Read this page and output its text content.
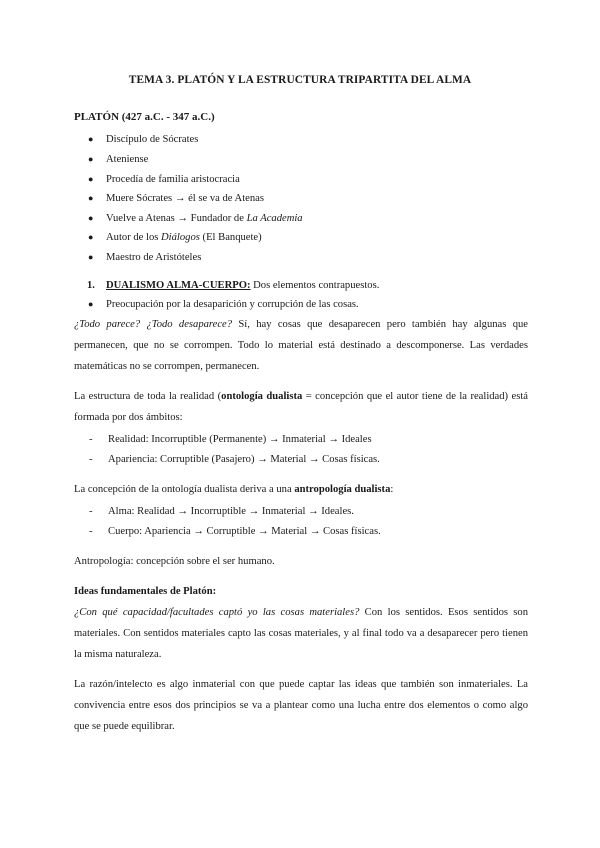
TEMA 3. PLATÓN Y LA ESTRUCTURA TRIPARTITA DEL ALMA
PLATÓN (427 a.C. - 347 a.C.)
● Discípulo de Sócrates
● Ateniense
● Procedía de familia aristocracia
● Muere Sócrates → él se va de Atenas
● Vuelve a Atenas → Fundador de La Academia
● Autor de los Diálogos (El Banquete)
● Maestro de Aristóteles
1. DUALISMO ALMA-CUERPO: Dos elementos contrapuestos.
● Preocupación por la desaparición y corrupción de las cosas.

¿Todo parece? ¿Todo desaparece? Sí, hay cosas que desaparecen pero también hay algunas que permanecen, que no se corrompen. Todo lo material está destinado a descomponerse. Las verdades matemáticas no se corrompen, permanecen.

La estructura de toda la realidad (ontología dualista = concepción que el autor tiene de la realidad) está formada por dos ámbitos:

- Realidad: Incorruptible (Permanente) → Inmaterial → Ideales
- Apariencia: Corruptible (Pasajero) → Material → Cosas físicas.

La concepción de la ontología dualista deriva a una antropología dualista:

- Alma: Realidad → Incorruptible → Inmaterial → Ideales.
- Cuerpo: Apariencia → Corruptible → Material → Cosas físicas.

Antropología: concepción sobre el ser humano.

Ideas fundamentales de Platón:

¿Con qué capacidad/facultades captó yo las cosas materiales? Con los sentidos. Esos sentidos son materiales. Con sentidos materiales capto las cosas materiales, y al final todo va a desaparecer pero tienen la misma naturaleza.

La razón/intelecto es algo inmaterial con que puede captar las ideas que también son inmateriales. La convivencia entre esos dos principios se va a plantear como una lucha entre dos elementos o como algo que se puede equilibrar.
